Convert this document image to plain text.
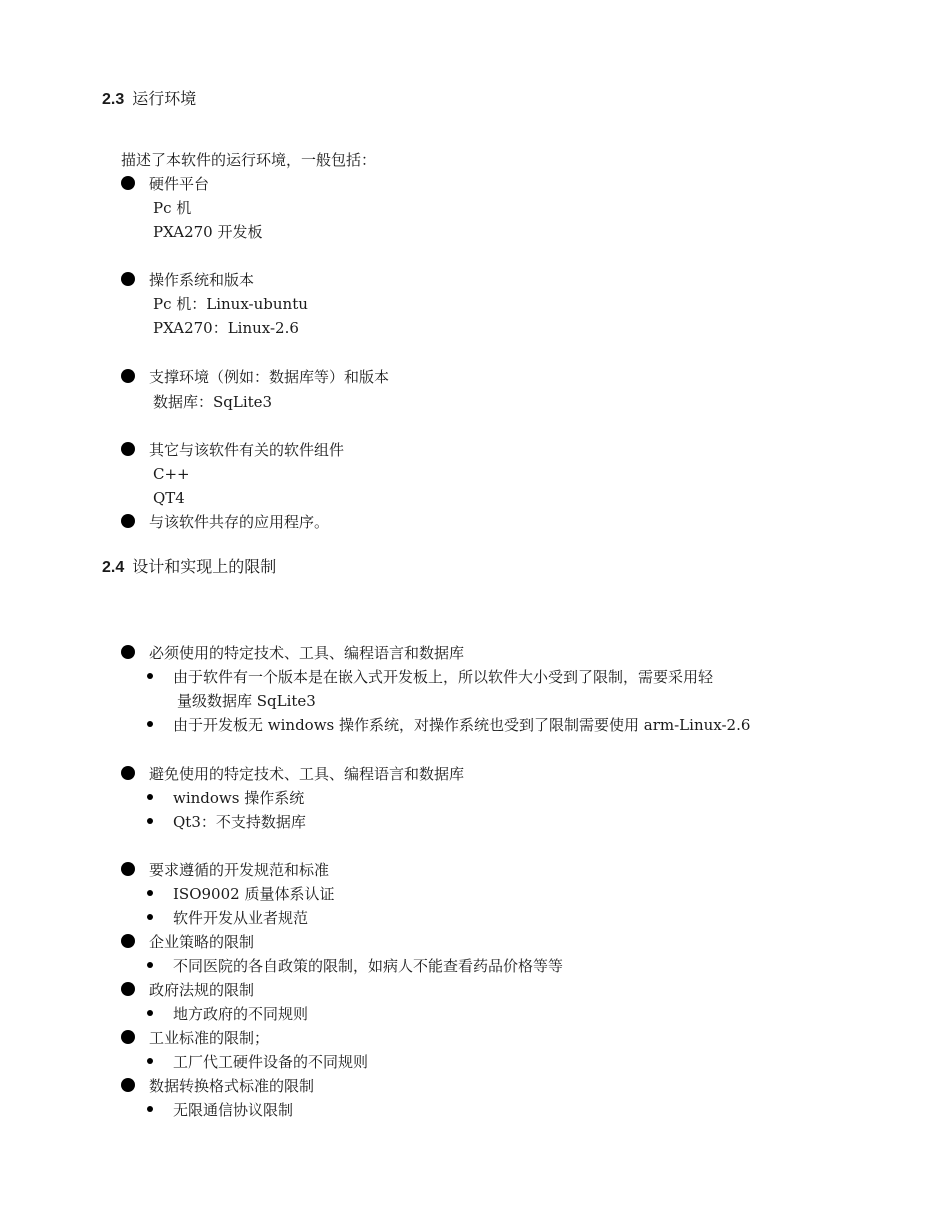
2.3 运行环境
描述了本软件的运行环境，一般包括：
硬件平台
Pc 机
PXA270 开发板
操作系统和版本
Pc 机：Linux-ubuntu
PXA270：Linux-2.6
支撑环境（例如：数据库等）和版本
数据库：SqLite3
其它与该软件有关的软件组件
C++
QT4
与该软件共存的应用程序。
2.4 设计和实现上的限制
必须使用的特定技术、工具、编程语言和数据库
由于软件有一个版本是在嵌入式开发板上，所以软件大小受到了限制，需要采用轻
量级数据库 SqLite3
由于开发板无 windows 操作系统，对操作系统也受到了限制需要使用 arm-Linux-2.6
避免使用的特定技术、工具、编程语言和数据库
windows 操作系统
Qt3：不支持数据库
要求遵循的开发规范和标准
ISO9002 质量体系认证
软件开发从业者规范
企业策略的限制
不同医院的各自政策的限制，如病人不能查看药品价格等等
政府法规的限制
地方政府的不同规则
工业标准的限制；
工厂代工硬件设备的不同规则
数据转换格式标准的限制
无限通信协议限制
